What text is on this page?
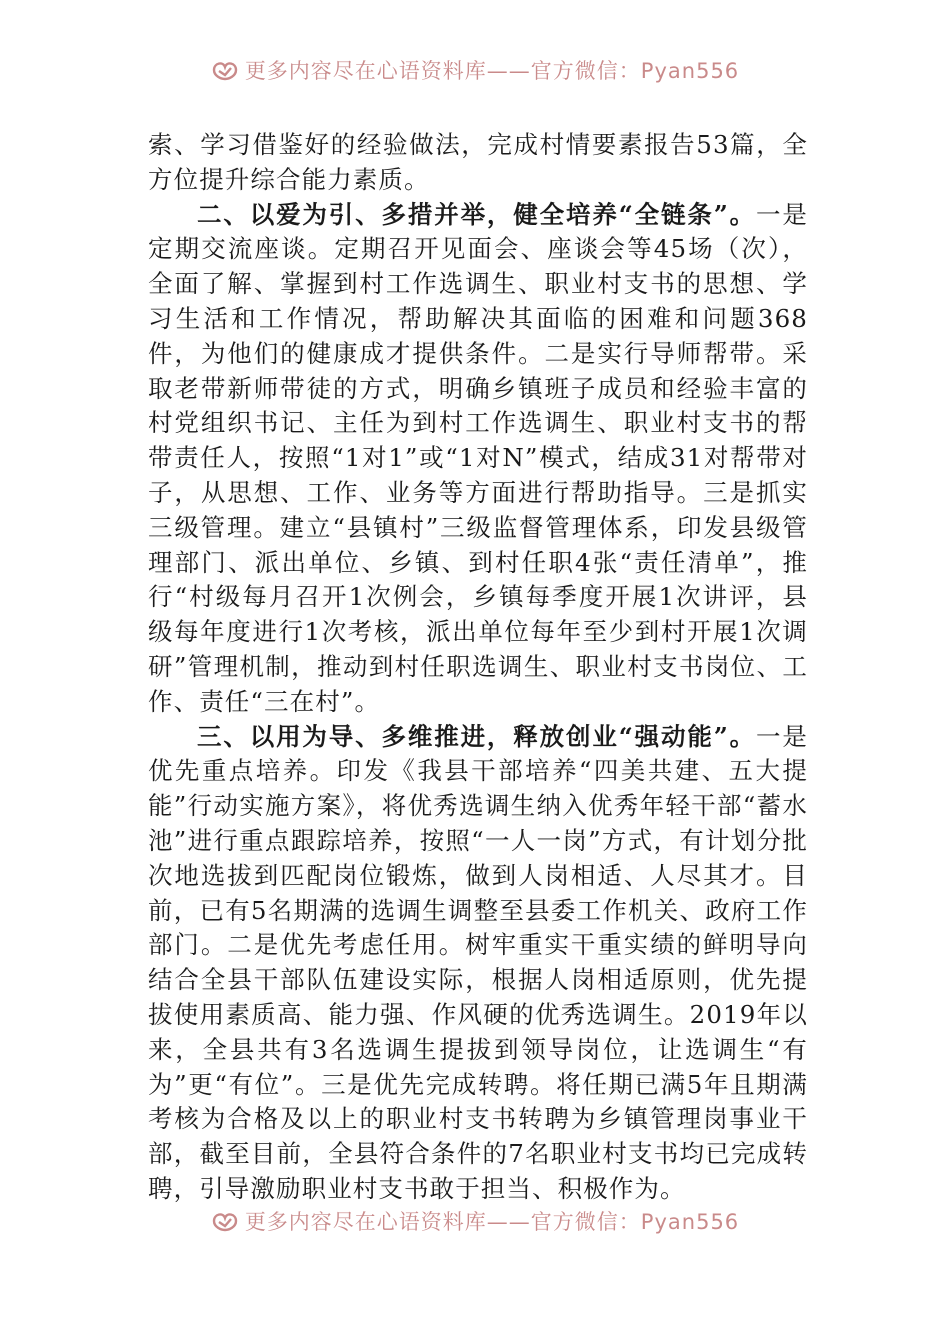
更多内容尽在心语资料库——官方微信：Pyan556

索、学习借鉴好的经验做法，完成村情要素报告53篇，全方位提升综合能力素质。

二、以爱为引、多措并举，健全培养“全链条”。一是定期交流座谈。定期召开见面会、座谈会等45场（次），全面了解、掌握到村工作选调生、职业村支书的思想、学习生活和工作情况，帮助解决其面临的困难和问题368件，为他们的健康成才提供条件。二是实行导师帮带。采取老带新师带徒的方式，明确乡镇班子成员和经验丰富的村党组织书记、主任为到村工作选调生、职业村支书的帮带责任人，按照“1对1”或“1对N”模式，结成31对帮带对子，从思想、工作、业务等方面进行帮助指导。三是抓实三级管理。建立“县镇村”三级监督管理体系，印发县级管理部门、派出单位、乡镇、到村任职4张“责任清单”，推行“村级每月召开1次例会，乡镇每季度开展1次讲评，县级每年度进行1次考核，派出单位每年至少到村开展1次调研”管理机制，推动到村任职选调生、职业村支书岗位、工作、责任“三在村”。

三、以用为导、多维推进，释放创业“强动能”。一是优先重点培养。印发《我县干部培养“四美共建、五大提能”行动实施方案》，将优秀选调生纳入优秀年轻干部“蓄水池”进行重点跟踪培养，按照“一人一岗”方式，有计划分批次地选拔到匹配岗位锻炼，做到人岗相适、人尽其才。目前，已有5名期满的选调生调整至县委工作机关、政府工作部门。二是优先考虑任用。树牢重实干重实绩的鲜明导向结合全县干部队伍建设实际，根据人岗相适原则，优先提拔使用素质高、能力强、作风硬的优秀选调生。2019年以来，全县共有3名选调生提拔到领导岗位，让选调生“有为”更“有位”。三是优先完成转聘。将任期已满5年且期满考核为合格及以上的职业村支书转聘为乡镇管理岗事业干部，截至目前，全县符合条件的7名职业村支书均已完成转聘，引导激励职业村支书敢于担当、积极作为。

更多内容尽在心语资料库——官方微信：Pyan556
